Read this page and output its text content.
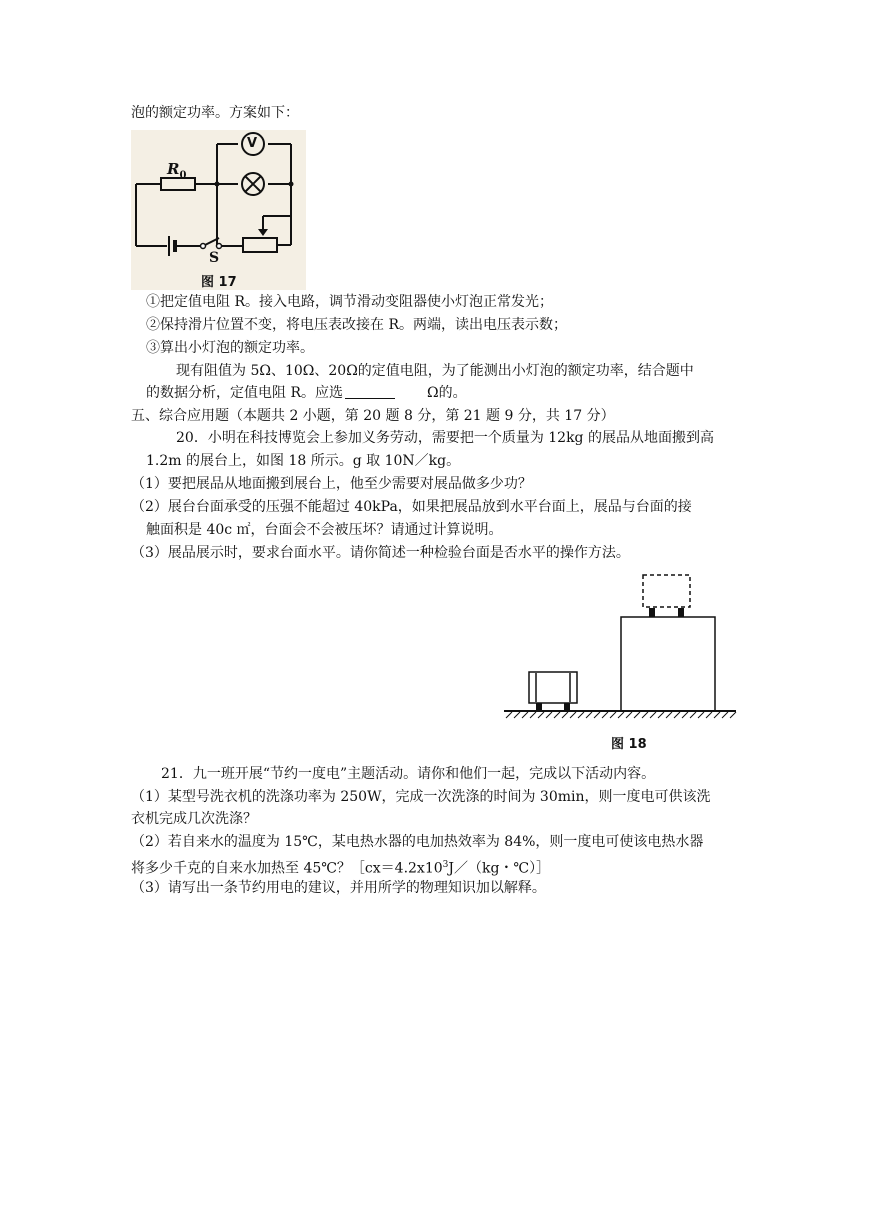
泡的额定功率。方案如下：
$R_0$
V
S
图 17
①把定值电阻 R。接入电路，调节滑动变阻器使小灯泡正常发光；
②保持滑片位置不变，将电压表改接在 R。两端，读出电压表示数；
③算出小灯泡的额定功率。
现有阻值为 5Ω、10Ω、20Ω的定值电阻，为了能测出小灯泡的额定功率，结合题中
的数据分析，定值电阻 R。应选	Ω的。
五、综合应用题（本题共 2 小题，第 20 题 8 分，第 21 题 9 分，共 17 分）
20．小明在科技博览会上参加义务劳动，需要把一个质量为 12kg 的展品从地面搬到高
1.2m 的展台上，如图 18 所示。g 取 10N／kg。
（1）要把展品从地面搬到展台上，他至少需要对展品做多少功？
（2）展台台面承受的压强不能超过 40kPa，如果把展品放到水平台面上，展品与台面的接
触面积是 40c ㎡，台面会不会被压坏？请通过计算说明。
（3）展品展示时，要求台面水平。请你简述一种检验台面是否水平的操作方法。
图 18
21．九一班开展“节约一度电”主题活动。请你和他们一起，完成以下活动内容。
（1）某型号洗衣机的洗涤功率为 250W，完成一次洗涤的时间为 30min，则一度电可供该洗
衣机完成几次洗涤？
（2）若自来水的温度为 15℃，某电热水器的电加热效率为 84%，则一度电可使该电热水器
将多少千克的自来水加热至 45℃？$[cx=4.2x10^3J/(kg$・℃）］
（3）请写出一条节约用电的建议，并用所学的物理知识加以解释。
